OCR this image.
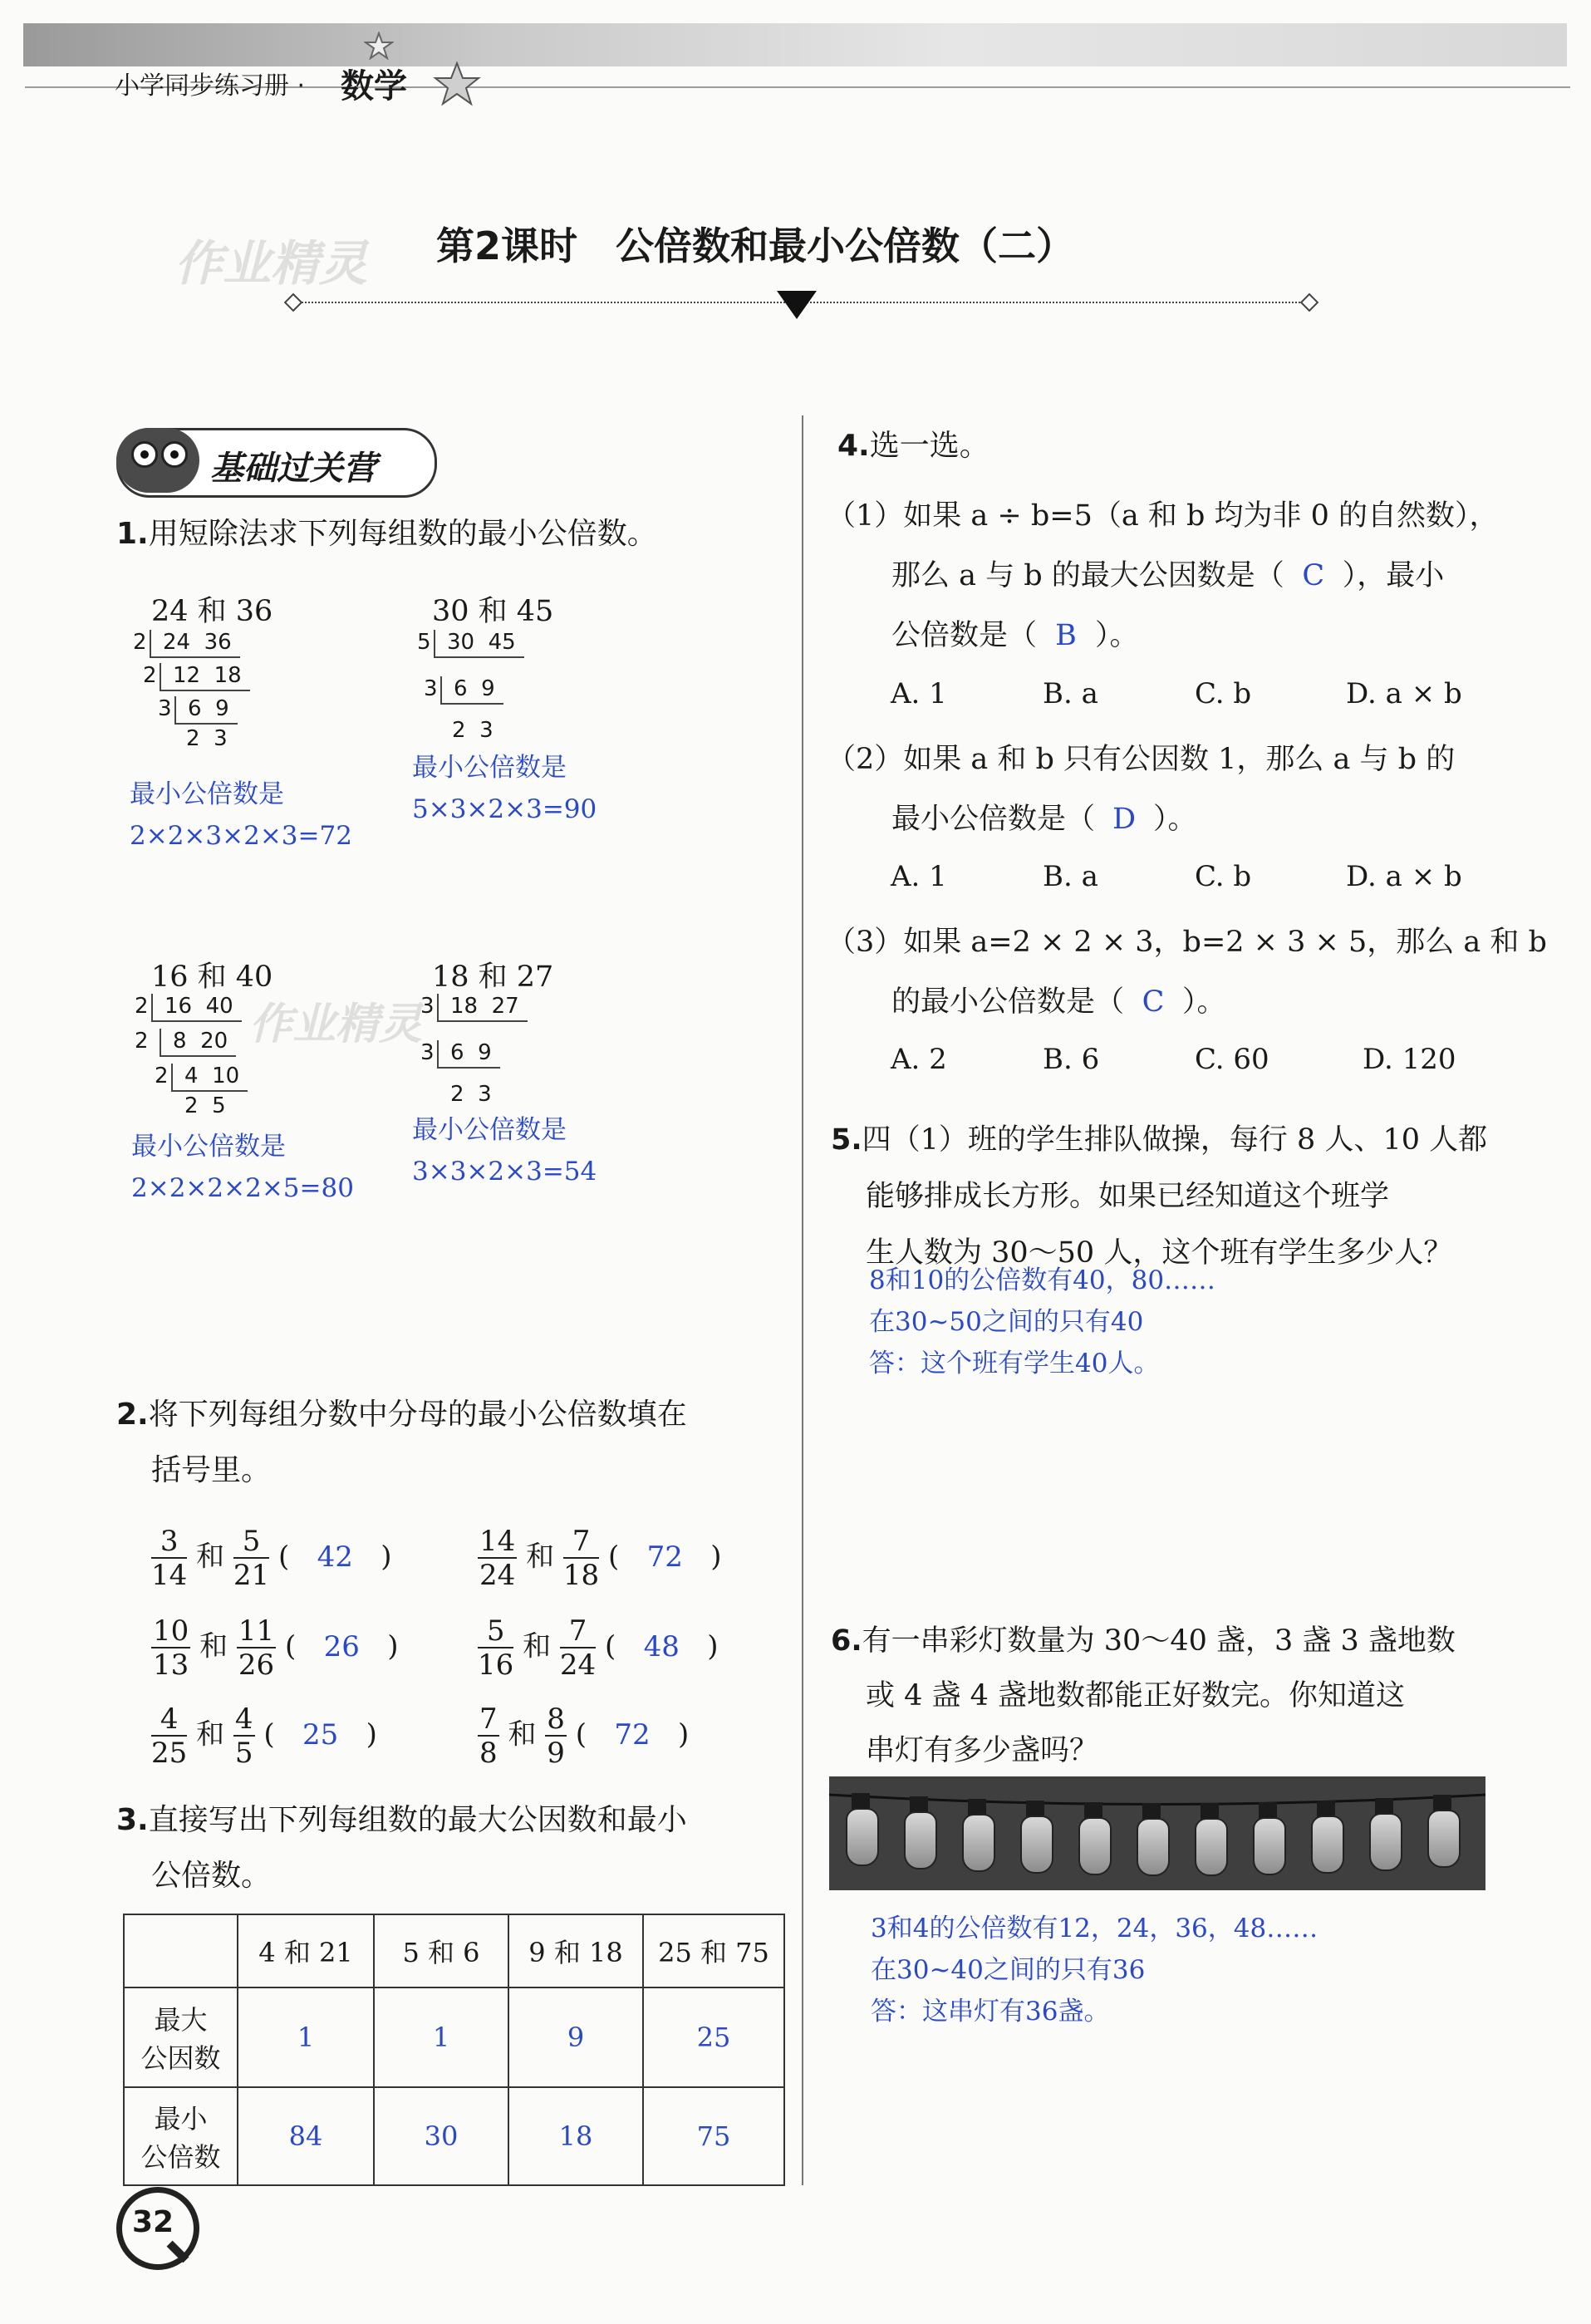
小学同步练习册 · 数学
作业精灵 第2课时　公倍数和最小公倍数（二）
基础过关营
1.用短除法求下列每组数的最小公倍数。
24 和 36
2 24  36
2 12  18
3 6  9
2  3
最小公倍数是
2×2×3×2×3=72
30 和 45
5 30  45
3 6  9
2  3
最小公倍数是
5×3×2×3=90
16 和 40
2 16  40
2	8  20
2 4  10
2  5
最小公倍数是
2×2×2×2×5=80
作业精灵
18 和 27
3 18  27
3 6  9
2  3
最小公倍数是
3×3×2×3=54
2.将下列每组分数中分母的最小公倍数填在
括号里。
$\frac{3}{14}$ 和 $\frac{5}{21}$ ( 42 )	$\frac{14}{24}$ 和 $\frac{7}{18}$ ( 72 )
$\frac{10}{13}$ 和 $\frac{11}{26}$ ( 26 )	$\frac{5}{16}$ 和 $\frac{7}{24}$ ( 48 )
$\frac{4}{25}$ 和 $\frac{4}{5}$ ( 25 )	$\frac{7}{8}$ 和 $\frac{8}{9}$ ( 72 )
3.直接写出下列每组数的最大公因数和最小
公倍数。
	4 和 21	5 和 6	9 和 18	25 和 75

最大
公因数	1	1	9	25

最小
公倍数	84	30	18	75
4.选一选。
（1）如果 a ÷ b=5（a 和 b 均为非 0 的自然数），
那么 a 与 b 的最大公因数是（ C ），最小
公倍数是（ B ）。
A. 1	B. a	C. b	D. a × b
（2）如果 a 和 b 只有公因数 1，那么 a 与 b 的
最小公倍数是（ D ）。
A. 1	B. a	C. b	D. a × b
（3）如果 a=2 × 2 × 3，b=2 × 3 × 5，那么 a 和 b
的最小公倍数是（ C ）。
A. 2	B. 6	C. 60	D. 120
5.四（1）班的学生排队做操，每行 8 人、10 人都
能够排成长方形。如果已经知道这个班学
生人数为 30～50 人，这个班有学生多少人？
8和10的公倍数有40，80……
在30~50之间的只有40
答：这个班有学生40人。
6.有一串彩灯数量为 30～40 盏，3 盏 3 盏地数
或 4 盏 4 盏地数都能正好数完。你知道这
串灯有多少盏吗？
3和4的公倍数有12，24，36，48……
在30~40之间的只有36
答：这串灯有36盏。
32
